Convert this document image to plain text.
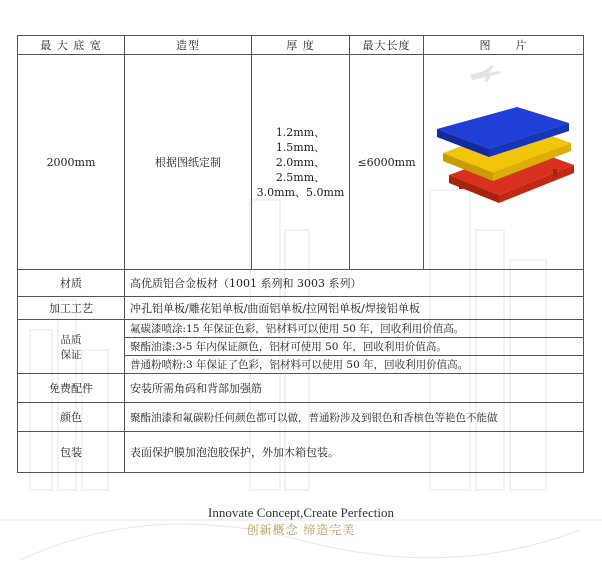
最 大 底 宽	造型	厚 度	最大长度	图　　片
2000mm	根据图纸定制	1.2mm、1.5mm、
2.0mm、2.5mm、
3.0mm、5.0mm	≤6000mm	

材质	高优质铝合金板材（1001 系列和 3003 系列）			
加工工艺	冲孔铝单板/雕花铝单板/曲面铝单板/拉网铝单板/焊接铝单板			

品质
保证	氟碳漆喷涂:15 年保证色彩，铝材料可以使用 50 年，回收利用价值高。			
	聚酯油漆:3-5 年内保证颜色，铝材可使用 50 年，回收利用价值高。			
	普通粉喷粉:3 年保证了色彩，铝材料可以使用 50 年，回收利用价值高。			
免费配件	安装所需角码和背部加强筋			
颜色	聚酯油漆和氟碳粉任何颜色都可以做，普通粉涉及到银色和香槟色等艳色不能做			
包装	表面保护膜加泡泡胶保护，外加木箱包装。			
Innovate Concept,Create Perfection
创新概念 缔造完美
